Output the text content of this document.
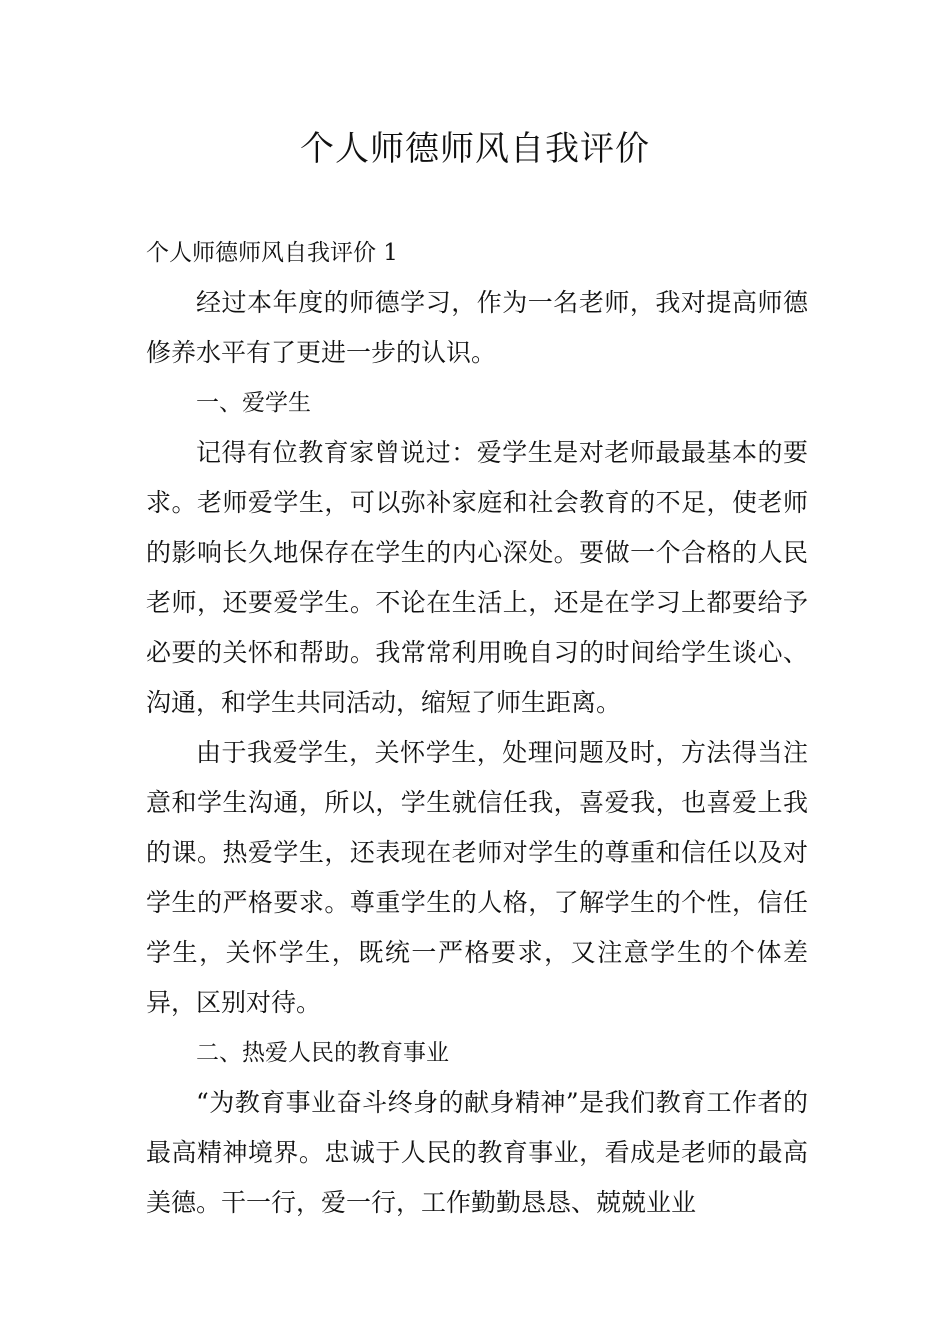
个人师德师风自我评价

个人师德师风自我评价 1

经过本年度的师德学习，作为一名老师，我对提高师德修养水平有了更进一步的认识。

一、爱学生

记得有位教育家曾说过：爱学生是对老师最最基本的要求。老师爱学生，可以弥补家庭和社会教育的不足，使老师的影响长久地保存在学生的内心深处。要做一个合格的人民老师，还要爱学生。不论在生活上，还是在学习上都要给予必要的关怀和帮助。我常常利用晚自习的时间给学生谈心、沟通，和学生共同活动，缩短了师生距离。

由于我爱学生，关怀学生，处理问题及时，方法得当注意和学生沟通，所以，学生就信任我，喜爱我，也喜爱上我的课。热爱学生，还表现在老师对学生的尊重和信任以及对学生的严格要求。尊重学生的人格，了解学生的个性，信任学生，关怀学生，既统一严格要求，又注意学生的个体差异，区别对待。

二、热爱人民的教育事业

“为教育事业奋斗终身的献身精神”是我们教育工作者的最高精神境界。忠诚于人民的教育事业，看成是老师的最高美德。干一行，爱一行，工作勤勤恳恳、兢兢业业
